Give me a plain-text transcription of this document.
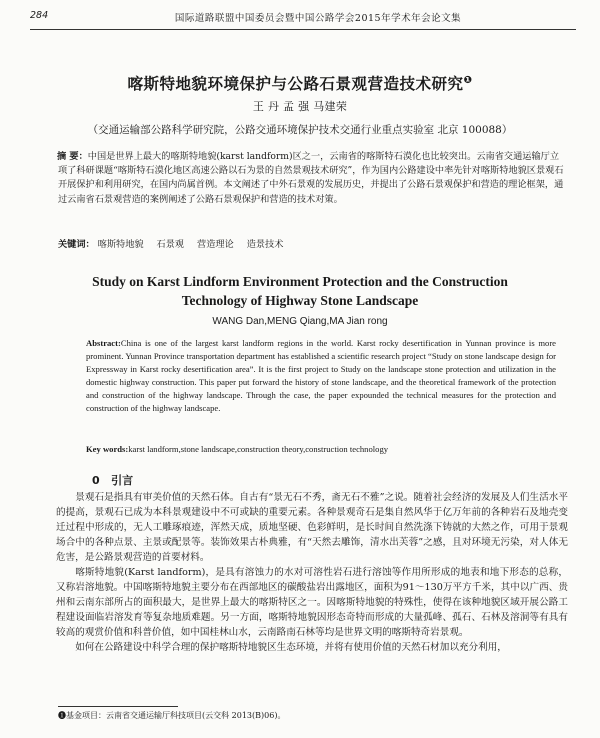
284	国际道路联盟中国委员会暨中国公路学会2015年学术年会论文集
喀斯特地貌环境保护与公路石景观营造技术研究$^❶$
王 丹 孟 强 马建荣
（交通运输部公路科学研究院，公路交通环境保护技术交通行业重点实验室 北京 100088）
摘 要：中国是世界上最大的喀斯特地貌(karst landform)区之一，云南省的喀斯特石漠化也比较突出。云南省交通运输厅立项了科研课题“喀斯特石漠化地区高速公路以石为景的自然景观技术研究”，作为国内公路建设中率先针对喀斯特地貌区景观石开展保护和利用研究，在国内尚属首例。本文阐述了中外石景观的发展历史，并提出了公路石景观保护和营造的理论框架，通过云南省石景观营造的案例阐述了公路石景观保护和营造的技术对策。
关键词： 喀斯特地貌 石景观 营造理论 造景技术
Study on Karst Lindform Environment Protection and the Construction Technology of Highway Stone Landscape
WANG Dan,MENG Qiang,MA Jian rong
Abstract:China is one of the largest karst landform regions in the world. Karst rocky desertification in Yunnan province is more prominent. Yunnan Province transportation department has established a scientific research project “Study on stone landscape design for Expressway in Karst rocky desertification area”. It is the first project to Study on the landscape stone protection and utilization in the domestic highway construction. This paper put forward the history of stone landscape, and the theoretical framework of the protection and construction of the highway landscape. Through the case, the paper expounded the technical measures for the protection and construction of the highway landscape.
Key words:karst landform,stone landscape,construction theory,construction technology
0 引言

景观石是指具有审美价值的天然石体。自古有“景无石不秀，斋无石不雅”之说。随着社会经济的发展及人们生活水平的提高，景观石已成为本科景观建设中不可或缺的重要元素。各种景观奇石是集自然风华于亿万年前的各种岩石及地壳变迁过程中形成的，无人工雕琢痕迹，浑然天成，质地坚硬、色彩鲜明，是长时间自然洗涤下铸就的大然之作，可用于景观场合中的各种点景、主景或配景等。装饰效果古朴典雅，有“天然去雕饰，清水出芙蓉”之感，且对环境无污染，对人体无危害，是公路景观营造的首要材料。

喀斯特地貌(Karst landform)，是具有溶蚀力的水对可溶性岩石进行溶蚀等作用所形成的地表和地下形态的总称，又称岩溶地貌。中国喀斯特地貌主要分布在西部地区的碳酸盐岩出露地区，面积为91～130万平方千米，其中以广西、贵州和云南东部所占的面积最大，是世界上最大的喀斯特区之一。因喀斯特地貌的特殊性，使得在该种地貌区域开展公路工程建设面临岩溶发育等复杂地质难题。另一方面，喀斯特地貌因形态奇特而形成的大量孤峰、孤石、石林及溶洞等有具有较高的观赏价值和科普价值，如中国桂林山水，云南路南石林等均是世界文明的喀斯特奇岩景观。

如何在公路建设中科学合理的保护喀斯特地貌区生态环境，并将有使用价值的天然石材加以充分利用，

❶基金项目：云南省交通运输厅科技项目(云交科 2013(B)06)。
